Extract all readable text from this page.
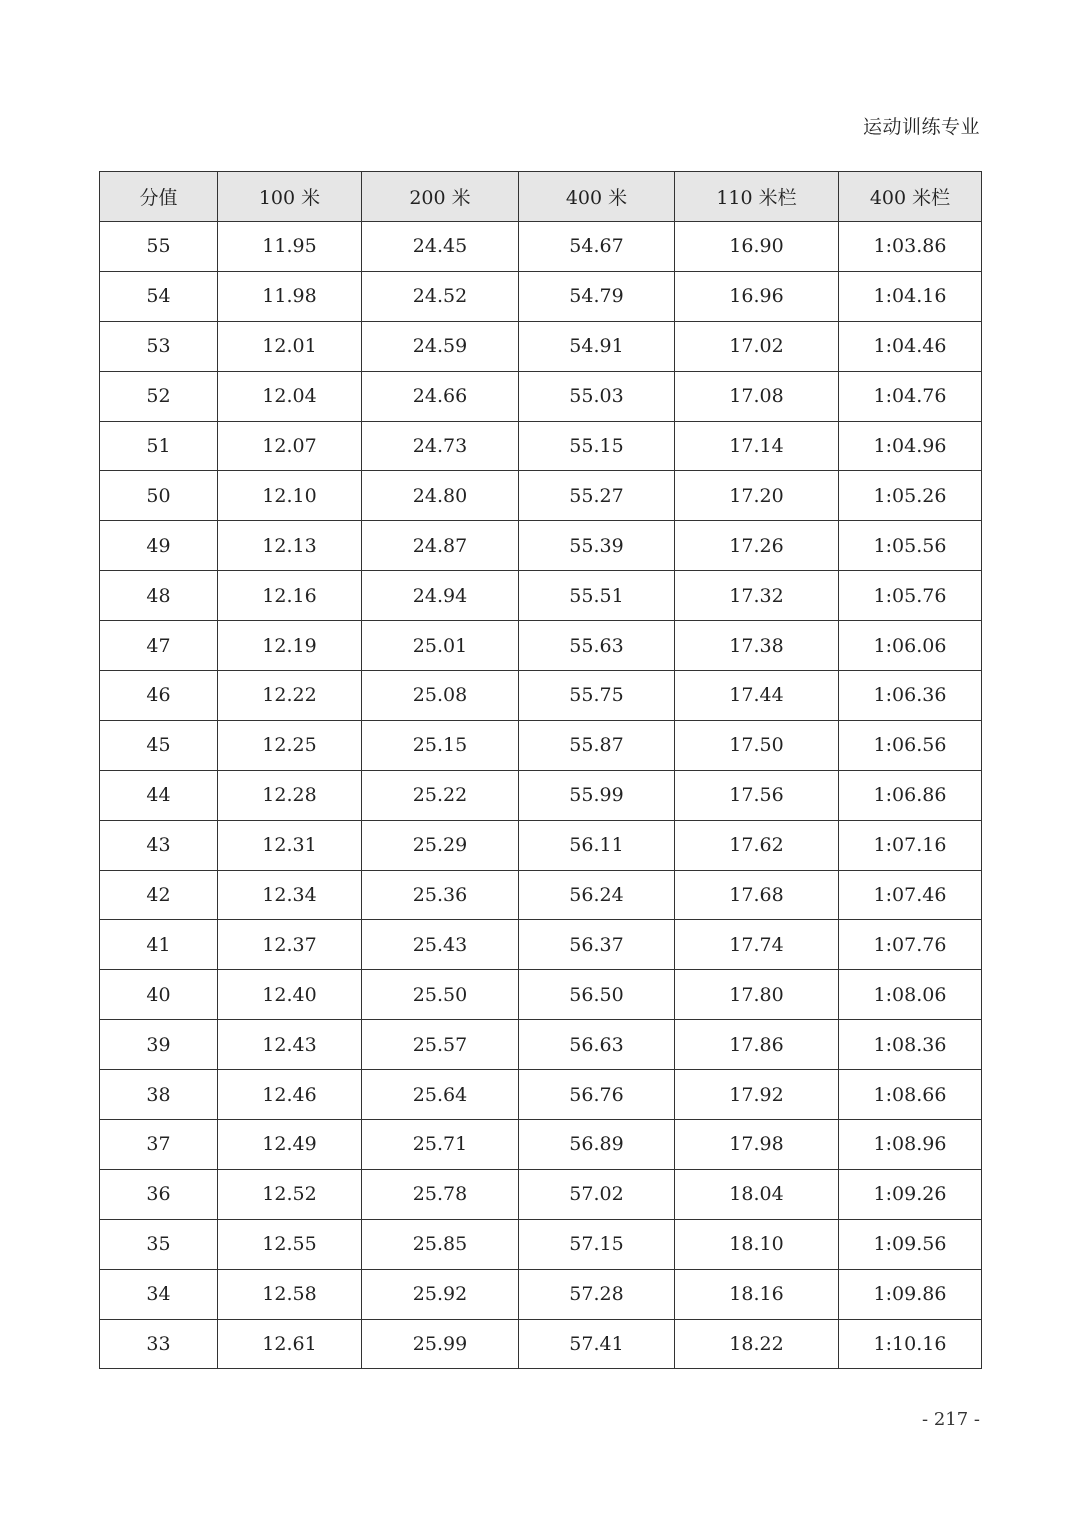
运动训练专业
分值	100 米	200 米	400 米	110 米栏	400 米栏
55	11.95	24.45	54.67	16.90	1:03.86
54	11.98	24.52	54.79	16.96	1:04.16
53	12.01	24.59	54.91	17.02	1:04.46
52	12.04	24.66	55.03	17.08	1:04.76
51	12.07	24.73	55.15	17.14	1:04.96
50	12.10	24.80	55.27	17.20	1:05.26
49	12.13	24.87	55.39	17.26	1:05.56
48	12.16	24.94	55.51	17.32	1:05.76
47	12.19	25.01	55.63	17.38	1:06.06
46	12.22	25.08	55.75	17.44	1:06.36
45	12.25	25.15	55.87	17.50	1:06.56
44	12.28	25.22	55.99	17.56	1:06.86
43	12.31	25.29	56.11	17.62	1:07.16
42	12.34	25.36	56.24	17.68	1:07.46
41	12.37	25.43	56.37	17.74	1:07.76
40	12.40	25.50	56.50	17.80	1:08.06
39	12.43	25.57	56.63	17.86	1:08.36
38	12.46	25.64	56.76	17.92	1:08.66
37	12.49	25.71	56.89	17.98	1:08.96
36	12.52	25.78	57.02	18.04	1:09.26
35	12.55	25.85	57.15	18.10	1:09.56
34	12.58	25.92	57.28	18.16	1:09.86
33	12.61	25.99	57.41	18.22	1:10.16
- 217 -
